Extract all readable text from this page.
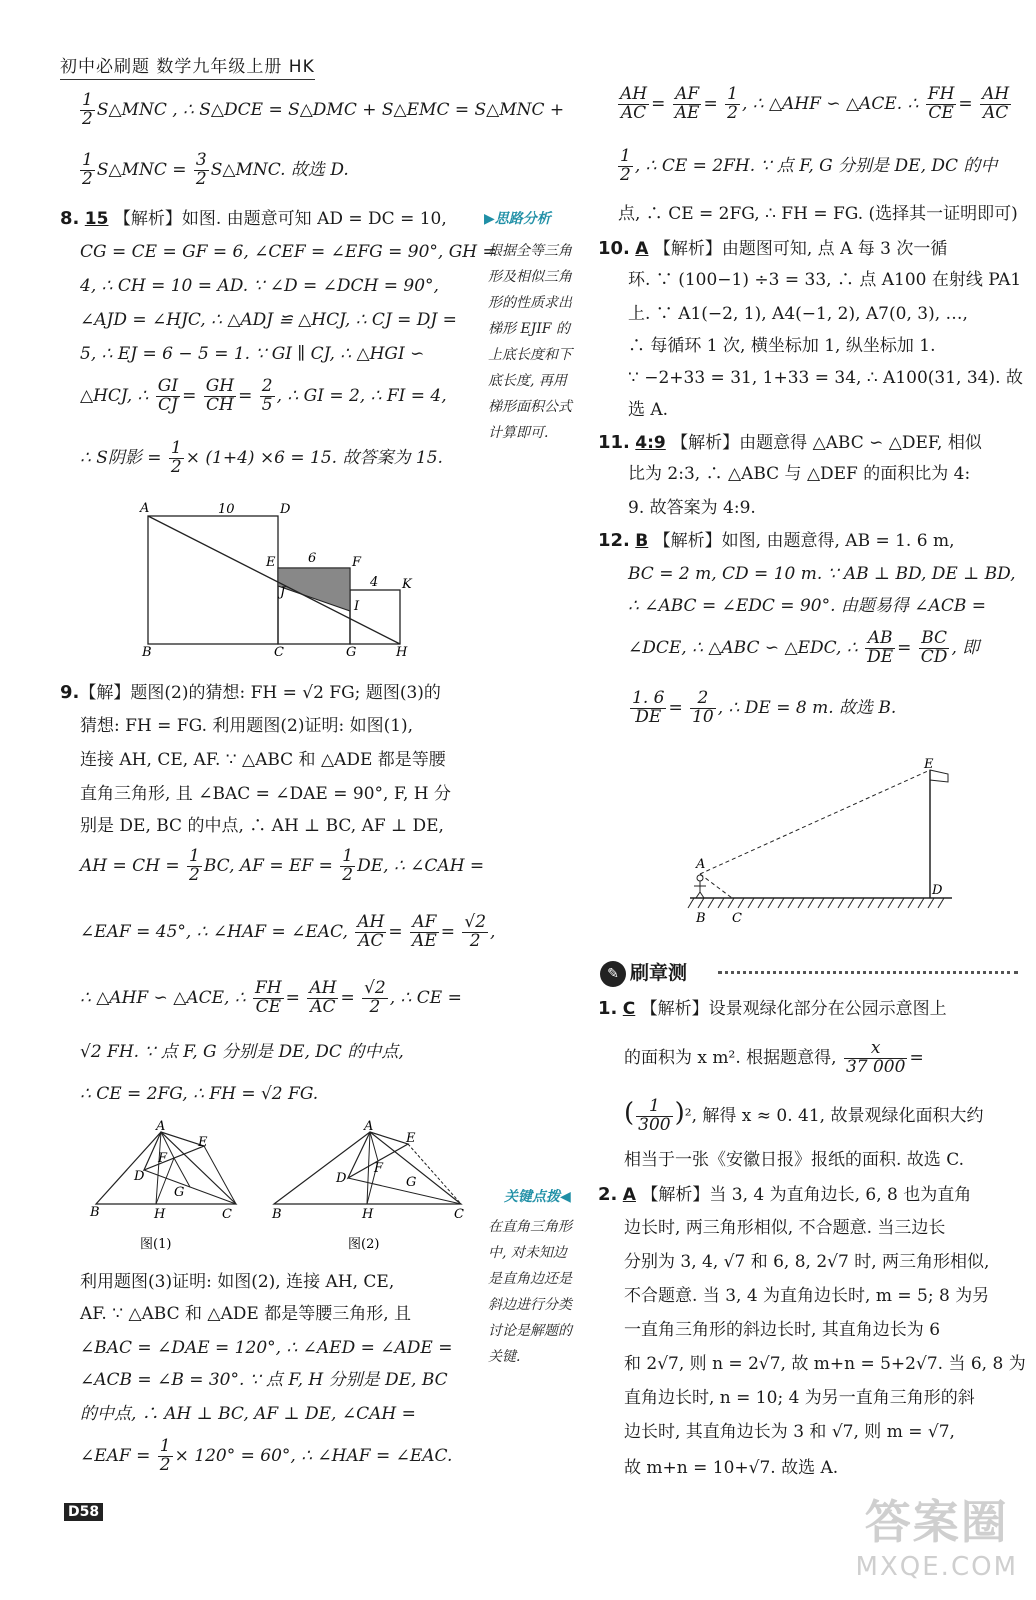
初中必刷题 数学九年级上册 HK
$\frac{1}{2}$ S△MNC , ∴ S△DCE = S△DMC + S△EMC = S△MNC +
$\frac{1}{2}$ S△MNC = $\frac{3}{2}$ S△MNC. 故选 D.
8. 15 【解析】如图. 由题意可知 AD = DC = 10,
CG = CE = GF = 6, ∠CEF = ∠EFG = 90°, GH =
4, ∴ CH = 10 = AD. ∵ ∠D = ∠DCH = 90°,
∠AJD = ∠HJC, ∴ △ADJ ≌ △HCJ, ∴ CJ = DJ =
5, ∴ EJ = 6 − 5 = 1. ∵ GI ∥ CJ, ∴ △HGI ∽
△HCJ, ∴ $\frac{GI}{CJ} = \frac{GH}{CH} = \frac{2}{5}$ , ∴ GI = 2, ∴ FI = 4,
∴ S阴影 = $\frac{1}{2} \times (1+4) \times 6 = 15$. 故答案为 15.
▶思路分析
根据全等三角
形及相似三角
形的性质求出
梯形 EJIF 的
上底长度和下
底长度, 再用
梯形面积公式
计算即可.
A	10	D
E	6	F
J
I
4 K
B	C	G	H
9.【解】题图(2)的猜想: FH = √2 FG; 题图(3)的
猜想: FH = FG. 利用题图(2)证明: 如图(1),
连接 AH, CE, AF. ∵ △ABC 和 △ADE 都是等腰
直角三角形, 且 ∠BAC = ∠DAE = 90°, F, H 分
别是 DE, BC 的中点, ∴ AH ⊥ BC, AF ⊥ DE,
AH = CH = $\frac{1}{2}$ BC, AF = EF = $\frac{1}{2}$ DE, ∴ ∠CAH =
∠EAF = 45°, ∴ ∠HAF = ∠EAC, $\frac{AH}{AC} = \frac{AF}{AE} = \frac{√2}{2}$ ,
∴ △AHF ∽ △ACE, ∴ $\frac{FH}{CE} = \frac{AH}{AC} = \frac{√2}{2}$ , ∴ CE =
√2 FH. ∵ 点 F, G 分别是 DE, DC 的中点,
∴ CE = 2FG, ∴ FH = √2 FG.
A
E
F
D
G
B	H	C
图(1)
A
E
F
D	G
B	H	C
图(2)
利用题图(3)证明: 如图(2), 连接 AH, CE,
AF. ∵ △ABC 和 △ADE 都是等腰三角形, 且
∠BAC = ∠DAE = 120°, ∴ ∠AED = ∠ADE =
∠ACB = ∠B = 30°. ∵ 点 F, H 分别是 DE, BC
的中点, ∴ AH ⊥ BC, AF ⊥ DE, ∠CAH =
∠EAF = $\frac{1}{2} \times 120^\circ = 60^\circ$, ∴ ∠HAF = ∠EAC.
关键点拨◀
在直角三角形
中, 对未知边
是直角边还是
斜边进行分类
讨论是解题的
关键.
D58
$\frac{AH}{AC} = \frac{AF}{AE} = \frac{1}{2}$ , ∴ △AHF ∽ △ACE. ∴ $\frac{FH}{CE} = \frac{AH}{AC}$
$\frac{1}{2}$ , ∴ CE = 2FH. ∵ 点 F, G 分别是 DE, DC 的中
点, ∴ CE = 2FG, ∴ FH = FG. (选择其一证明即可)
10. A 【解析】由题图可知, 点 A 每 3 次一循
环. ∵ (100−1) ÷3 = 33, ∴ 点 A100 在射线 PA1
上. ∵ A1(−2, 1), A4(−1, 2), A7(0, 3), …,
∴ 每循环 1 次, 横坐标加 1, 纵坐标加 1.
∵ −2+33 = 31, 1+33 = 34, ∴ A100(31, 34). 故
选 A.
11. 4:9 【解析】由题意得 △ABC ∽ △DEF, 相似
比为 2:3, ∴ △ABC 与 △DEF 的面积比为 4:
9. 故答案为 4:9.
12. B 【解析】如图, 由题意得, AB = 1. 6 m,
BC = 2 m, CD = 10 m. ∵ AB ⊥ BD, DE ⊥ BD,
∴ ∠ABC = ∠EDC = 90°. 由题易得 ∠ACB =
∠DCE, ∴ △ABC ∽ △EDC, ∴ $\frac{AB}{DE} = \frac{BC}{CD}$ , 即
$\frac{1. 6}{DE} = \frac{2}{10}$ , ∴ DE = 8 m. 故选 B.
A
B C
D
E
✎ 刷章测
1. C 【解析】设景观绿化部分在公园示意图上
的面积为 x m². 根据题意得, $\frac{x}{37 000}$ =
( $\frac{1}{300} )^2$, 解得 x ≈ 0. 41, 故景观绿化面积大约
相当于一张《安徽日报》报纸的面积. 故选 C.
2. A 【解析】当 3, 4 为直角边长, 6, 8 也为直角
边长时, 两三角形相似, 不合题意. 当三边长
分别为 3, 4, √7 和 6, 8, 2√7 时, 两三角形相似,
不合题意. 当 3, 4 为直角边长时, m = 5; 8 为另
一直角三角形的斜边长时, 其直角边长为 6
和 2√7, 则 n = 2√7, 故 m+n = 5+2√7. 当 6, 8 为
直角边长时, n = 10; 4 为另一直角三角形的斜
边长时, 其直角边长为 3 和 √7, 则 m = √7,
故 m+n = 10+√7. 故选 A.
答案圈
MXQE.COM
